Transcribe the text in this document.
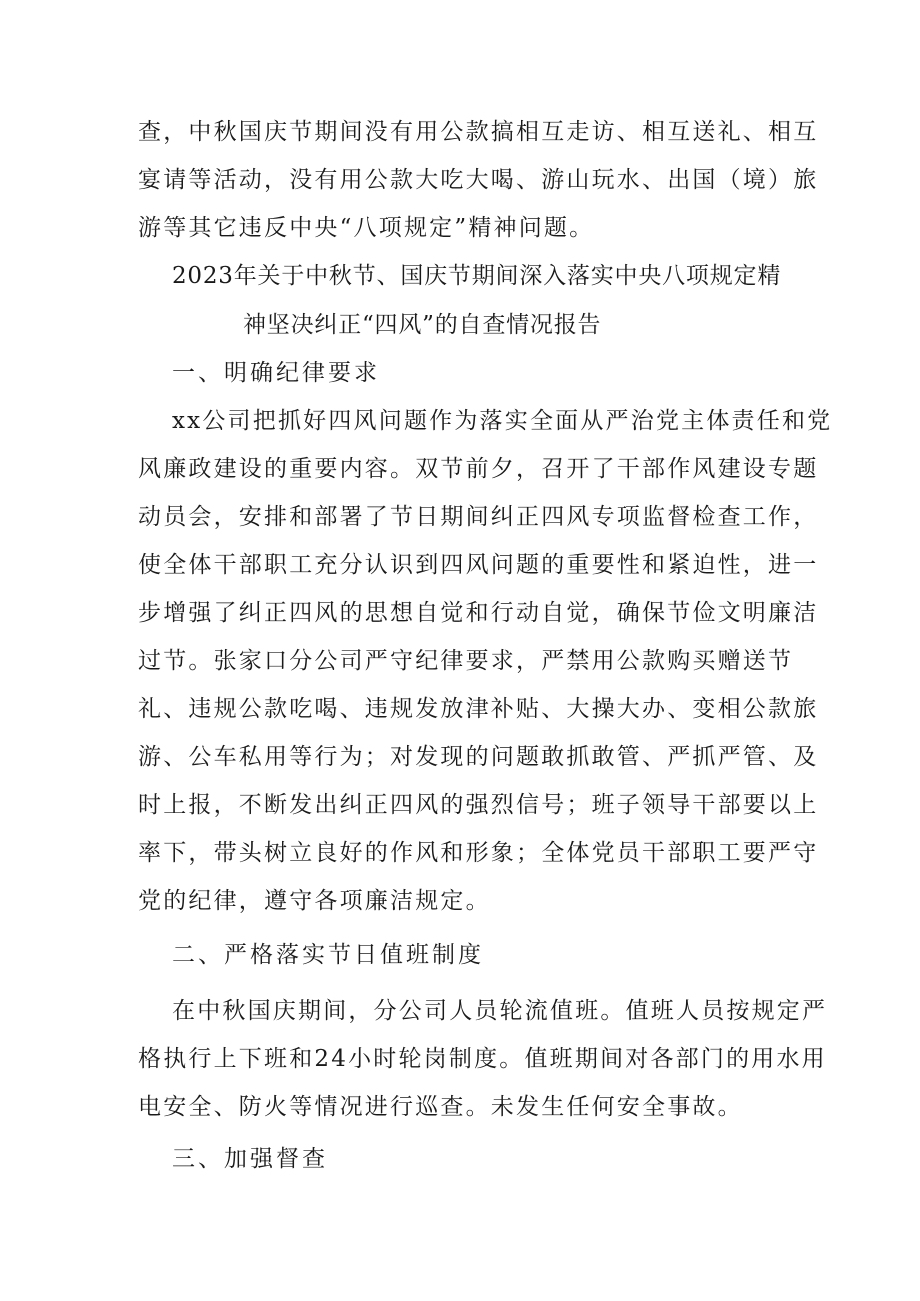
查，中秋国庆节期间没有用公款搞相互走访、相互送礼、相互
宴请等活动，没有用公款大吃大喝、游山玩水、出国（境）旅
游等其它违反中央“八项规定”精神问题。
2023年关于中秋节、国庆节期间深入落实中央八项规定精
神坚决纠正“四风”的自查情况报告
一、明确纪律要求
xx公司把抓好四风问题作为落实全面从严治党主体责任和党
风廉政建设的重要内容。双节前夕，召开了干部作风建设专题
动员会，安排和部署了节日期间纠正四风专项监督检查工作，
使全体干部职工充分认识到四风问题的重要性和紧迫性，进一
步增强了纠正四风的思想自觉和行动自觉，确保节俭文明廉洁
过节。张家口分公司严守纪律要求，严禁用公款购买赠送节
礼、违规公款吃喝、违规发放津补贴、大操大办、变相公款旅
游、公车私用等行为；对发现的问题敢抓敢管、严抓严管、及
时上报，不断发出纠正四风的强烈信号；班子领导干部要以上
率下，带头树立良好的作风和形象；全体党员干部职工要严守
党的纪律，遵守各项廉洁规定。
二、严格落实节日值班制度
在中秋国庆期间，分公司人员轮流值班。值班人员按规定严
格执行上下班和24小时轮岗制度。值班期间对各部门的用水用
电安全、防火等情况进行巡查。未发生任何安全事故。
三、加强督查
